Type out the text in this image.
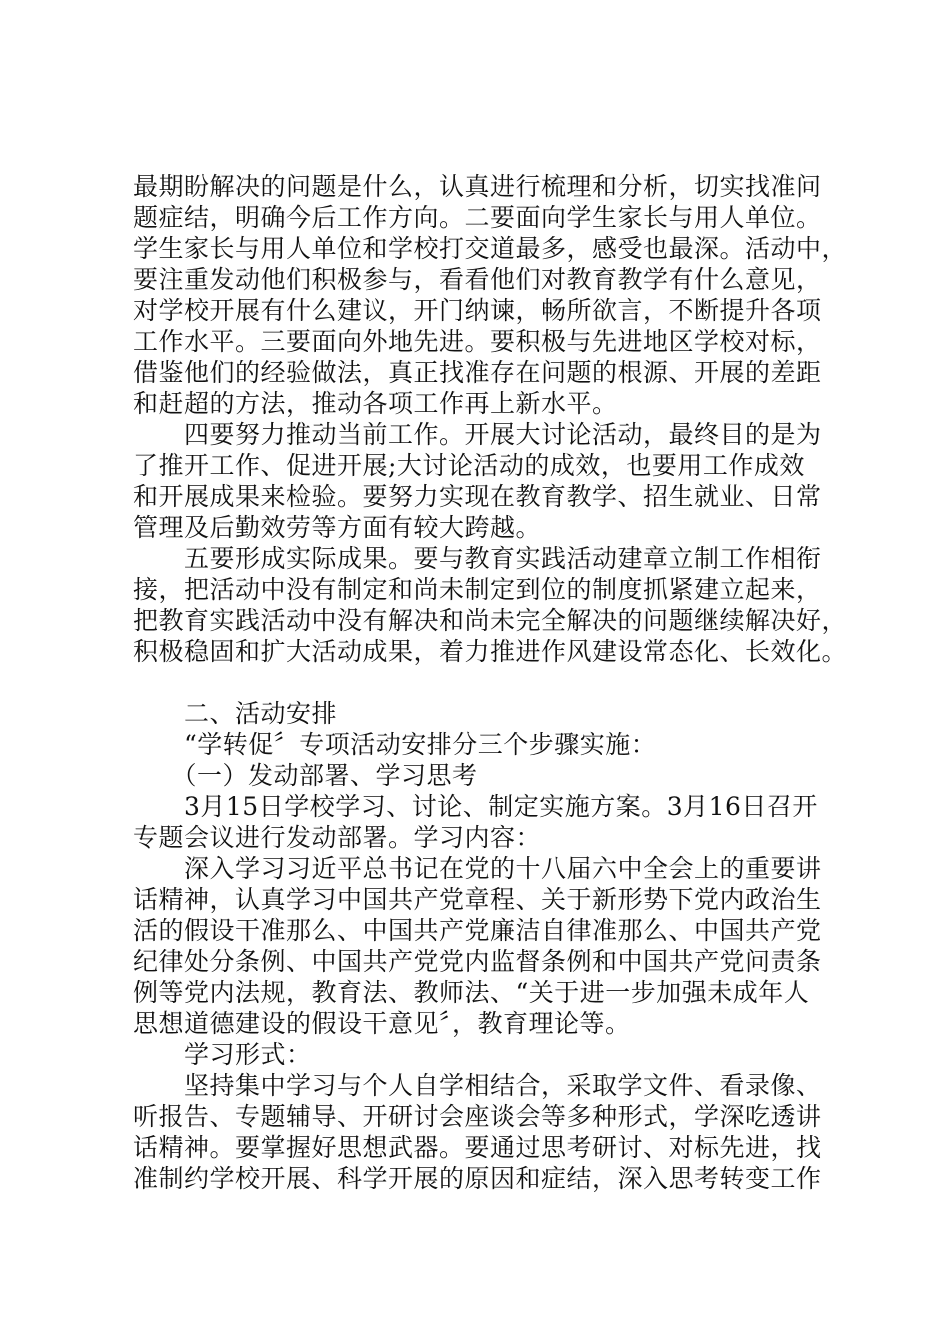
最期盼解决的问题是什么，认真进行梳理和分析，切实找准问
题症结，明确今后工作方向。二要面向学生家长与用人单位。
学生家长与用人单位和学校打交道最多，感受也最深。活动中，
要注重发动他们积极参与，看看他们对教育教学有什么意见，
对学校开展有什么建议，开门纳谏，畅所欲言，不断提升各项
工作水平。三要面向外地先进。要积极与先进地区学校对标，
借鉴他们的经验做法，真正找准存在问题的根源、开展的差距
和赶超的方法，推动各项工作再上新水平。
　　四要努力推动当前工作。开展大讨论活动，最终目的是为
了推开工作、促进开展;大讨论活动的成效，也要用工作成效
和开展成果来检验。要努力实现在教育教学、招生就业、日常
管理及后勤效劳等方面有较大跨越。
　　五要形成实际成果。要与教育实践活动建章立制工作相衔
接，把活动中没有制定和尚未制定到位的制度抓紧建立起来，
把教育实践活动中没有解决和尚未完全解决的问题继续解决好，
积极稳固和扩大活动成果，着力推进作风建设常态化、长效化。
　　二、活动安排
　　“学转促〞专项活动安排分三个步骤实施：
　　（一）发动部署、学习思考
　　3月15日学校学习、讨论、制定实施方案。3月16日召开
专题会议进行发动部署。学习内容：
　　深入学习习近平总书记在党的十八届六中全会上的重要讲
话精神，认真学习中国共产党章程、关于新形势下党内政治生
活的假设干准那么、中国共产党廉洁自律准那么、中国共产党
纪律处分条例、中国共产党党内监督条例和中国共产党问责条
例等党内法规，教育法、教师法、“关于进一步加强未成年人
思想道德建设的假设干意见〞，教育理论等。
　　学习形式：
　　坚持集中学习与个人自学相结合，采取学文件、看录像、
听报告、专题辅导、开研讨会座谈会等多种形式，学深吃透讲
话精神。要掌握好思想武器。要通过思考研讨、对标先进，找
准制约学校开展、科学开展的原因和症结，深入思考转变工作
